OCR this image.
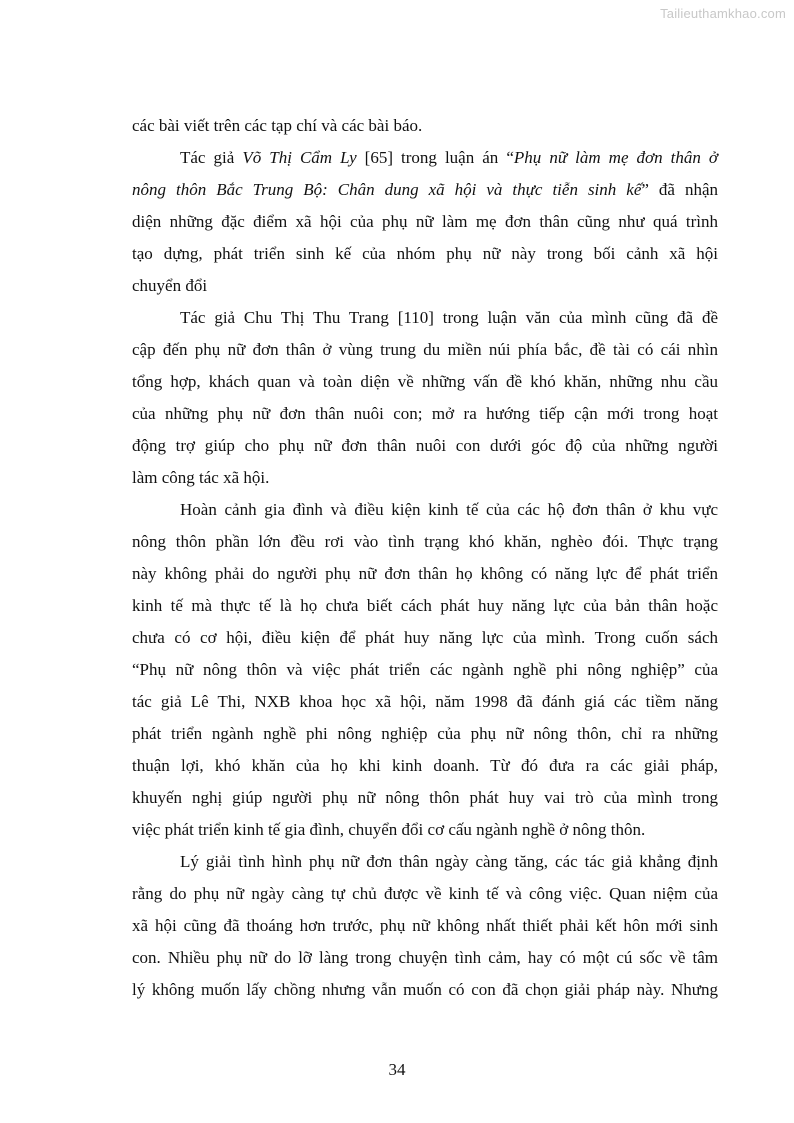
Tailieuthamkhao.com
các bài viết trên các tạp chí và các bài báo.
Tác giả Võ Thị Cẩm Ly [65] trong luận án “Phụ nữ làm mẹ đơn thân ở
nông thôn Bắc Trung Bộ: Chân dung xã hội và thực tiễn sinh kế” đã nhận
diện những đặc điểm xã hội của phụ nữ làm mẹ đơn thân cũng như quá trình
tạo dựng, phát triển sinh kế của nhóm phụ nữ này trong bối cảnh xã hội
chuyển đổi
Tác giả Chu Thị Thu Trang [110] trong luận văn của mình cũng đã đề
cập đến phụ nữ đơn thân ở vùng trung du miền núi phía bắc, đề tài có cái nhìn
tổng hợp, khách quan và toàn diện về những vấn đề khó khăn, những nhu cầu
của những phụ nữ đơn thân nuôi con; mở ra hướng tiếp cận mới trong hoạt
động trợ giúp cho phụ nữ đơn thân nuôi con dưới góc độ của những người
làm công tác xã hội.
Hoàn cảnh gia đình và điều kiện kinh tế của các hộ đơn thân ở khu vực
nông thôn phần lớn đều rơi vào tình trạng khó khăn, nghèo đói. Thực trạng
này không phải do người phụ nữ đơn thân họ không có năng lực để phát triển
kinh tế mà thực tế là họ chưa biết cách phát huy năng lực của bản thân hoặc
chưa có cơ hội, điều kiện để phát huy năng lực của mình. Trong cuốn sách
“Phụ nữ nông thôn và việc phát triển các ngành nghề phi nông nghiệp” của
tác giả Lê Thi, NXB khoa học xã hội, năm 1998 đã đánh giá các tiềm năng
phát triển ngành nghề phi nông nghiệp của phụ nữ nông thôn, chỉ ra những
thuận lợi, khó khăn của họ khi kinh doanh. Từ đó đưa ra các giải pháp,
khuyến nghị giúp người phụ nữ nông thôn phát huy vai trò của mình trong
việc phát triển kinh tế gia đình, chuyển đổi cơ cấu ngành nghề ở nông thôn.
Lý giải tình hình phụ nữ đơn thân ngày càng tăng, các tác giả khẳng định
rằng do phụ nữ ngày càng tự chủ được về kinh tế và công việc. Quan niệm của
xã hội cũng đã thoáng hơn trước, phụ nữ không nhất thiết phải kết hôn mới sinh
con. Nhiều phụ nữ do lỡ làng trong chuyện tình cảm, hay có một cú sốc về tâm
lý không muốn lấy chồng nhưng vẫn muốn có con đã chọn giải pháp này. Nhưng
34
